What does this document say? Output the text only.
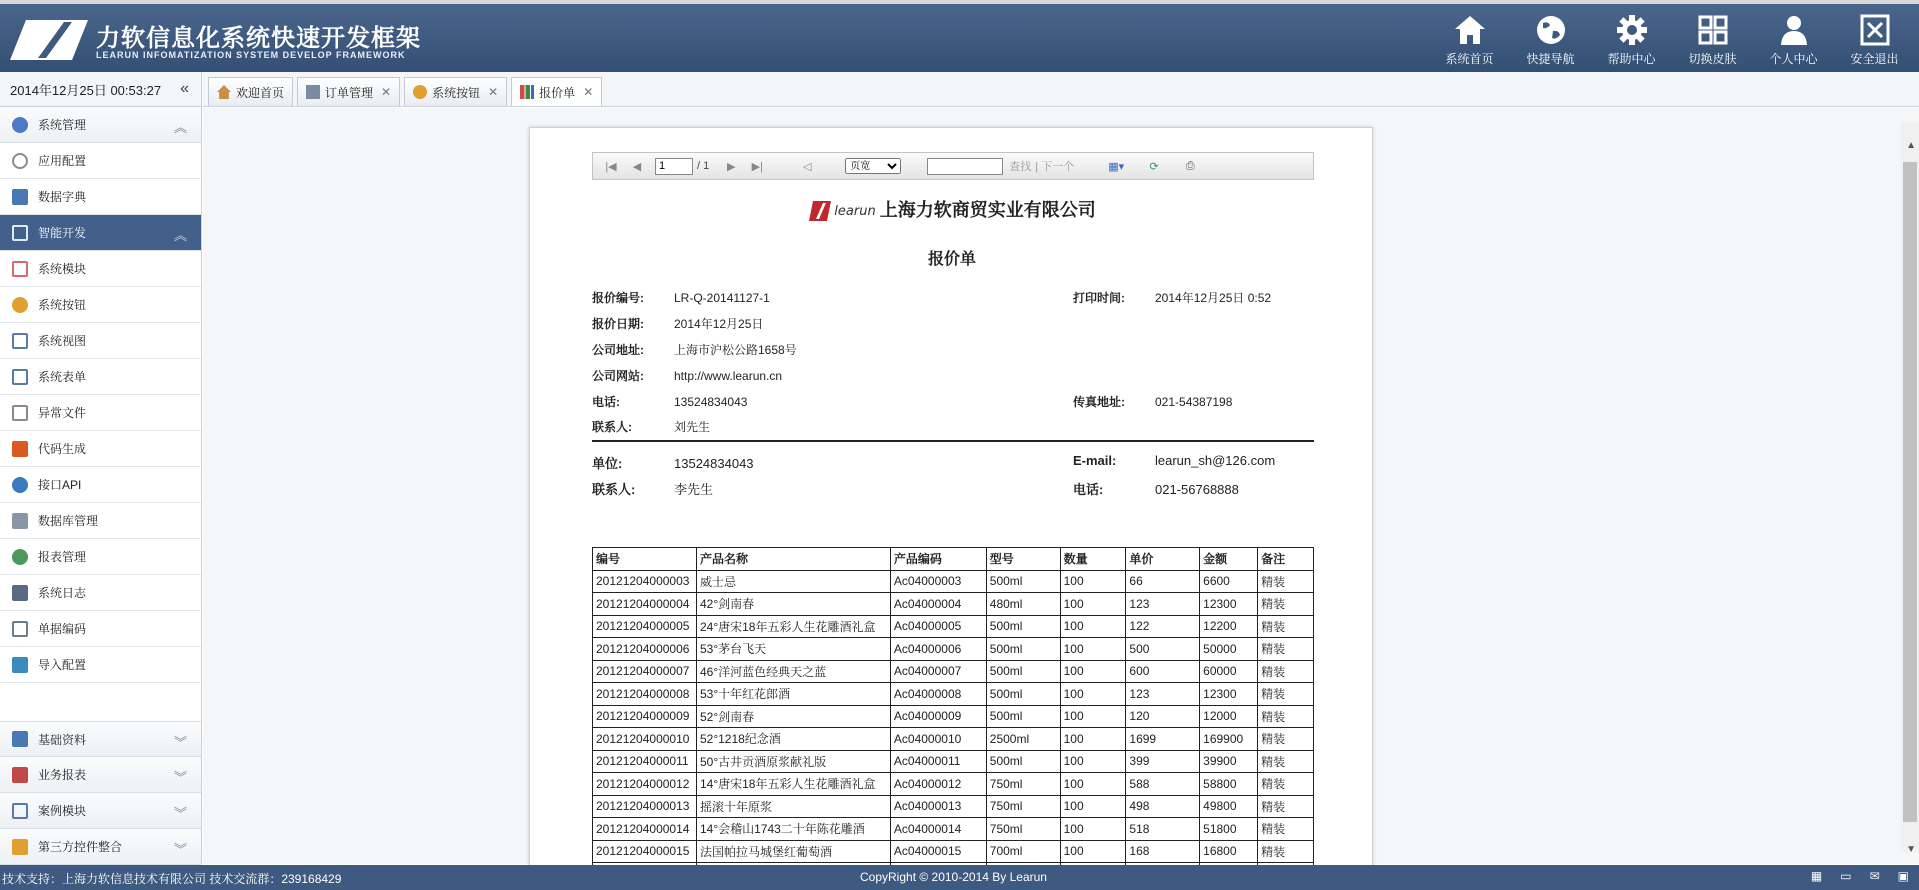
力软信息化系统快速开发框架
LEARUN INFOMATIZATION SYSTEM DEVELOP FRAMEWORK	系统首页	快捷导航	帮助中心	切换皮肤	个人中心	安全退出
2014年12月25日 00:53:27 «
系统管理	︽
应用配置
数据字典
智能开发	︽
系统模块
系统按钮
系统视图
系统表单
异常文件
代码生成
接口API
数据库管理
报表管理
系统日志
单据编码
导入配置
基础资料	︾
业务报表	︾
案例模块	︾
第三方控件整合	︾
欢迎首页	订单管理 ✕	系统按钮 ✕	报价单 ✕
|◀	◀
1	/ 1	▶	▶|	◁
页宽	查找 | 下一个	▦▾	⟳	⎙
learun 上海力软商贸实业有限公司
报价单
报价编号:	LR-Q-20141127-1	打印时间:	2014年12月25日 0:52
报价日期:	2014年12月25日
公司地址:	上海市沪松公路1658号
公司网站:	http://www.learun.cn
电话:	13524834043	传真地址:	021-54387198
联系人:	刘先生
单位:	13524834043	E-mail:	learun_sh@126.com
联系人:	李先生	电话:	021-56768888
编号	产品名称	产品编码	型号	数量	单价	金额	备注
20121204000003	威士忌	Ac04000003	500ml	100	66	6600	精装
20121204000004	42°剑南春	Ac04000004	480ml	100	123	12300	精装
20121204000005	24°唐宋18年五彩人生花雕酒礼盒	Ac04000005	500ml	100	122	12200	精装
20121204000006	53°茅台飞天	Ac04000006	500ml	100	500	50000	精装
20121204000007	46°洋河蓝色经典天之蓝	Ac04000007	500ml	100	600	60000	精装
20121204000008	53°十年红花郎酒	Ac04000008	500ml	100	123	12300	精装
20121204000009	52°剑南春	Ac04000009	500ml	100	120	12000	精装
20121204000010	52°1218纪念酒	Ac04000010	2500ml	100	1699	169900	精装
20121204000011	50°古井贡酒原浆献礼版	Ac04000011	500ml	100	399	39900	精装
20121204000012	14°唐宋18年五彩人生花雕酒礼盒	Ac04000012	750ml	100	588	58800	精装
20121204000013	摇滚十年原浆	Ac04000013	750ml	100	498	49800	精装
20121204000014	14°会稽山1743二十年陈花雕酒	Ac04000014	750ml	100	518	51800	精装
20121204000015	法国帕拉马城堡红葡萄酒	Ac04000015	700ml	100	168	16800	精装

▲
▼
技术支持：上海力软信息技术有限公司 技术交流群：239168429	CopyRight © 2010-2014 By Learun	▦ ▭ ✉ ▣
